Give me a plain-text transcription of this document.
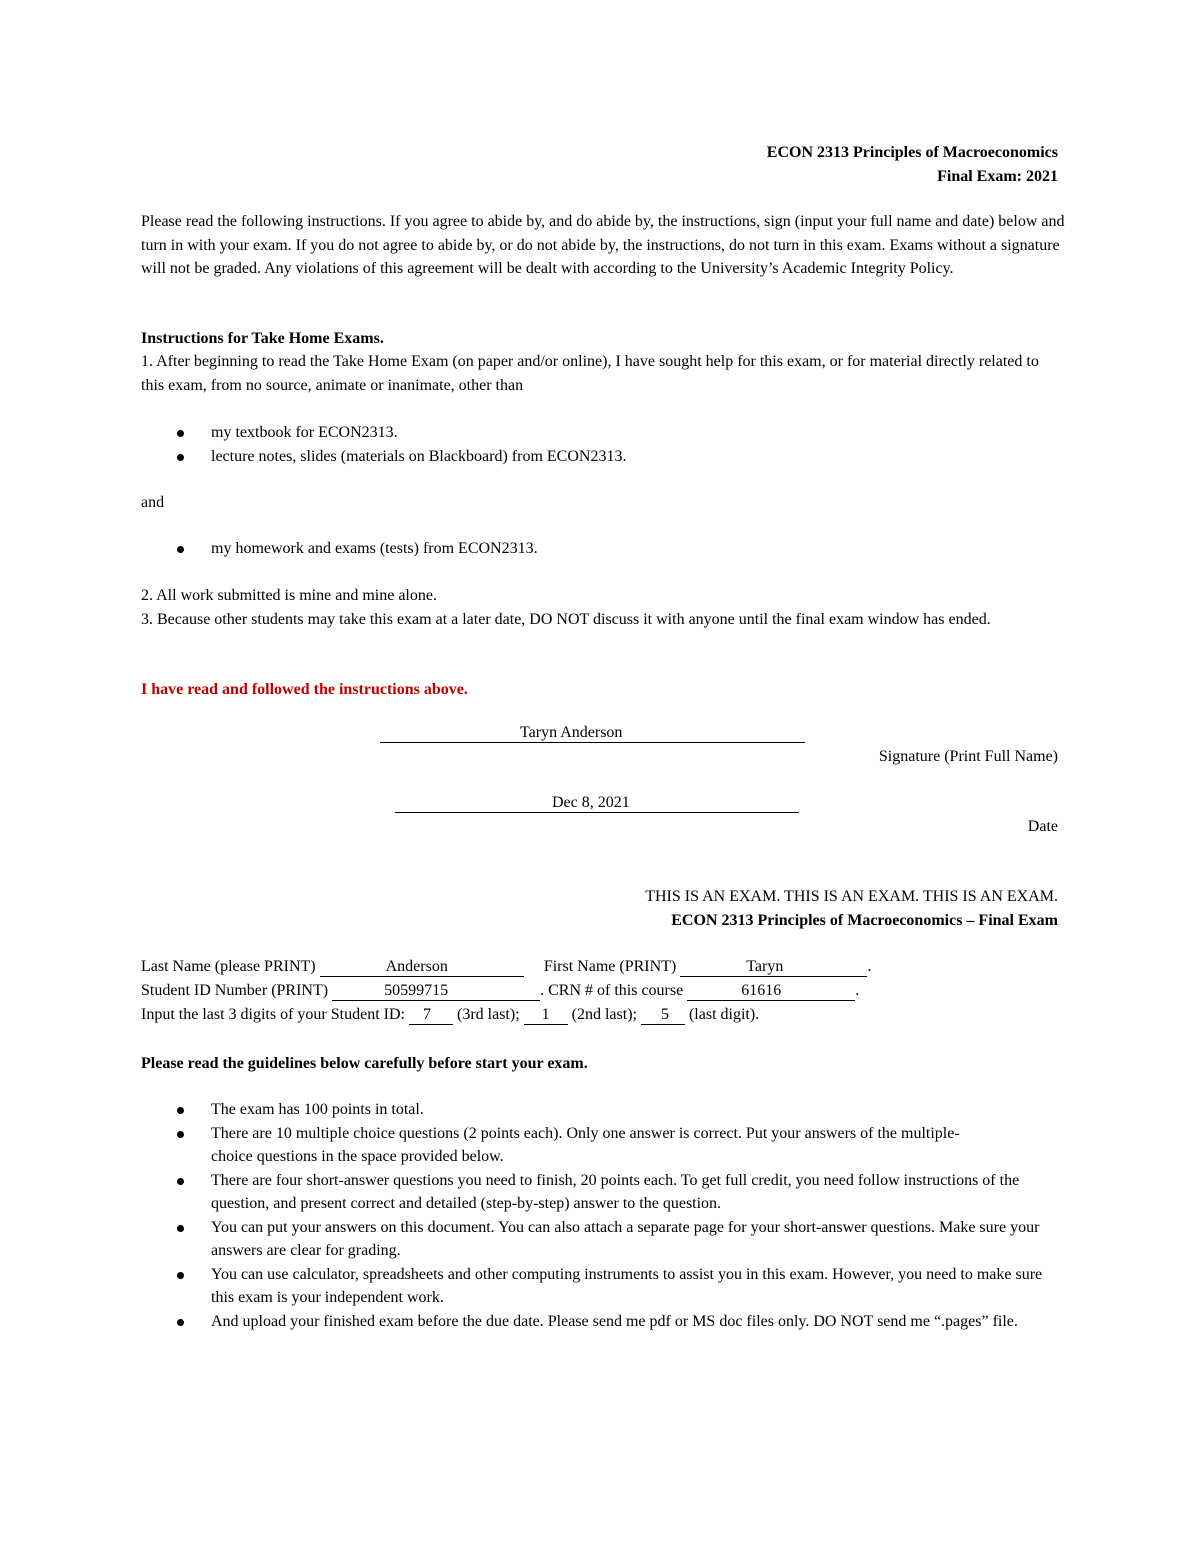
ECON 2313 Principles of Macroeconomics
Final Exam: 2021
Please read the following instructions. If you agree to abide by, and do abide by, the instructions, sign (input your full name and date) below and turn in with your exam. If you do not agree to abide by, or do not abide by, the instructions, do not turn in this exam. Exams without a signature will not be graded. Any violations of this agreement will be dealt with according to the University’s Academic Integrity Policy.
Instructions for Take Home Exams.
1. After beginning to read the Take Home Exam (on paper and/or online), I have sought help for this exam, or for material directly related to this exam, from no source, animate or inanimate, other than
my textbook for ECON2313.
lecture notes, slides (materials on Blackboard) from ECON2313.
and
my homework and exams (tests) from ECON2313.
2. All work submitted is mine and mine alone.
3. Because other students may take this exam at a later date, DO NOT discuss it with anyone until the final exam window has ended.
I have read and followed the instructions above.
Taryn Anderson
Signature (Print Full Name)
Dec 8, 2021
Date
THIS IS AN EXAM. THIS IS AN EXAM. THIS IS AN EXAM.
ECON 2313 Principles of Macroeconomics – Final Exam
Last Name (please PRINT)	Anderson	First Name (PRINT)	Taryn	.
Student ID Number (PRINT)	50599715	. CRN # of this course	61616	.
Input the last 3 digits of your Student ID: 7 (3rd last); 1 (2nd last); 5 (last digit).
Please read the guidelines below carefully before start your exam.
The exam has 100 points in total.
There are 10 multiple choice questions (2 points each). Only one answer is correct. Put your answers of the multiple-choice questions in the space provided below.
There are four short-answer questions you need to finish, 20 points each. To get full credit, you need follow instructions of the question, and present correct and detailed (step-by-step) answer to the question.
You can put your answers on this document. You can also attach a separate page for your short-answer questions. Make sure your answers are clear for grading.
You can use calculator, spreadsheets and other computing instruments to assist you in this exam. However, you need to make sure this exam is your independent work.
And upload your finished exam before the due date. Please send me pdf or MS doc files only. DO NOT send me “.pages” file.
